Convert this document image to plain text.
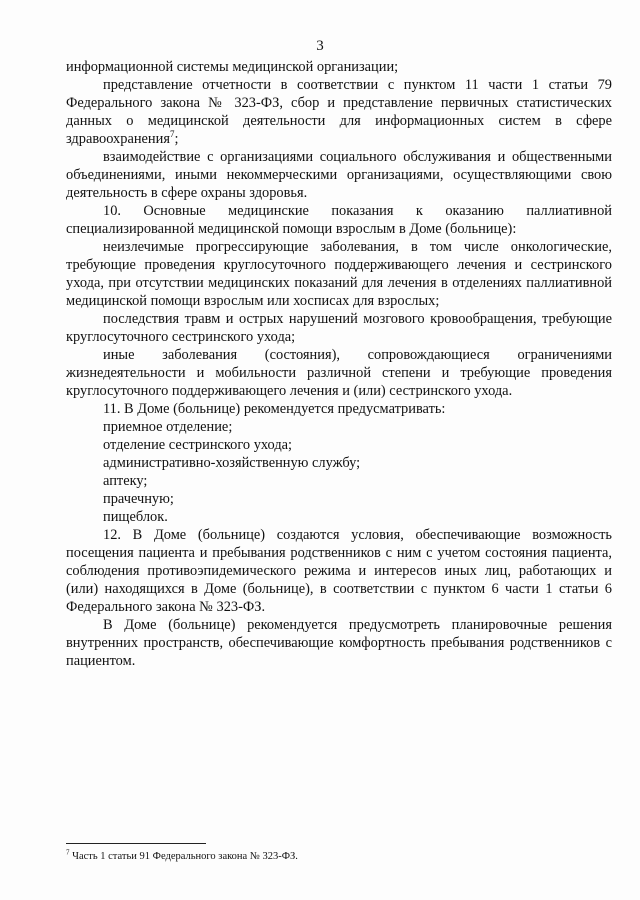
3

информационной системы медицинской организации;

представление отчетности в соответствии с пунктом 11 части 1 статьи 79 Федерального закона № 323-ФЗ, сбор и представление первичных статистических данных о медицинской деятельности для информационных систем в сфере здравоохранения$^7$;

взаимодействие с организациями социального обслуживания и общественными объединениями, иными некоммерческими организациями, осуществляющими свою деятельность в сфере охраны здоровья.

10. Основные медицинские показания к оказанию паллиативной специализированной медицинской помощи взрослым в Доме (больнице):

неизлечимые прогрессирующие заболевания, в том числе онкологические, требующие проведения круглосуточного поддерживающего лечения и сестринского ухода, при отсутствии медицинских показаний для лечения в отделениях паллиативной медицинской помощи взрослым или хосписах для взрослых;

последствия травм и острых нарушений мозгового кровообращения, требующие круглосуточного сестринского ухода;

иные заболевания (состояния), сопровождающиеся ограничениями жизнедеятельности и мобильности различной степени и требующие проведения круглосуточного поддерживающего лечения и (или) сестринского ухода.

11. В Доме (больнице) рекомендуется предусматривать:

приемное отделение;

отделение сестринского ухода;

административно-хозяйственную службу;

аптеку;

прачечную;

пищеблок.

12. В Доме (больнице) создаются условия, обеспечивающие возможность посещения пациента и пребывания родственников с ним с учетом состояния пациента, соблюдения противоэпидемического режима и интересов иных лиц, работающих и (или) находящихся в Доме (больнице), в соответствии с пунктом 6 части 1 статьи 6 Федерального закона № 323-ФЗ.

В Доме (больнице) рекомендуется предусмотреть планировочные решения внутренних пространств, обеспечивающие комфортность пребывания родственников с пациентом.

$^7$ Часть 1 статьи 91 Федерального закона № 323-ФЗ.
